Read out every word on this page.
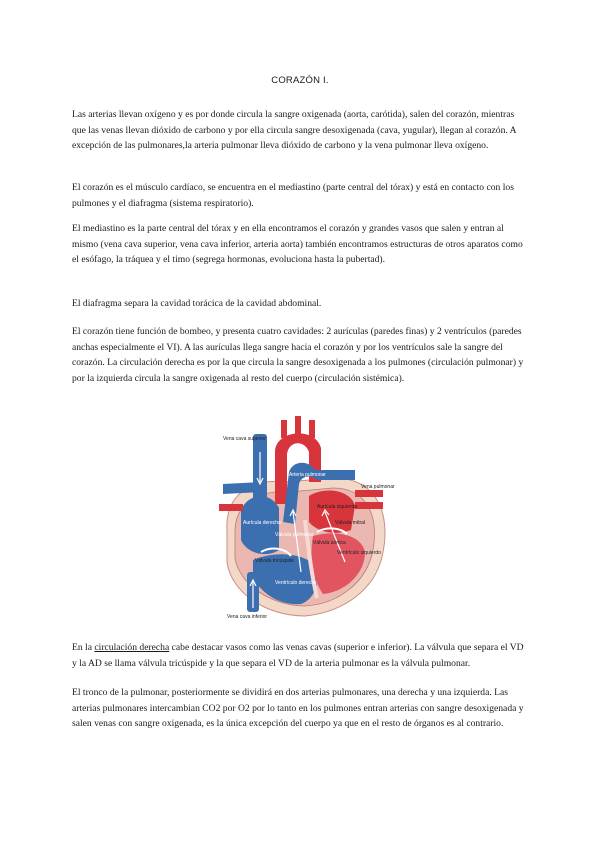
CORAZÓN I.

Las arterias llevan oxígeno y es por donde circula la sangre oxigenada (aorta, carótida), salen del corazón, mientras que las venas llevan dióxido de carbono y por ella circula sangre desoxigenada (cava, yugular), llegan al corazón. A excepción de las pulmonares,la arteria pulmonar lleva dióxido de carbono y la vena pulmonar lleva oxígeno.

El corazón es el músculo cardíaco, se encuentra en el mediastino (parte central del tórax) y está en contacto con los pulmones y el diafragma (sistema respiratorio).

El mediastino es la parte central del tórax y en ella encontramos el corazón y grandes vasos que salen y entran al mismo (vena cava superior, vena cava inferior, arteria aorta) también encontramos estructuras de otros aparatos como el esófago, la tráquea y el timo (segrega hormonas, evoluciona hasta la pubertad).

El diafragma separa la cavidad torácica de la cavidad abdominal.

El corazón tiene función de bombeo, y presenta cuatro cavidades: 2 aurículas (paredes finas) y 2 ventrículos (paredes anchas especialmente el VI). A las aurículas llega sangre hacia el corazón y por los ventrículos sale la sangre del corazón. La circulación derecha es por la que circula la sangre desoxigenada a los pulmones (circulación pulmonar) y por la izquierda circula la sangre oxigenada al resto del cuerpo (circulación sistémica).

Vena cava superior
Aorta
Arteria pulmonar
Vena pulmonar
Aurícula izquierda
Aurícula derecha	Válvula mitral
Válvula pulmonar
Válvula aórtica
Ventrículo izquierdo
Válvula tricúspide
Ventrículo derecho
Vena cava inferior

En la circulación derecha cabe destacar vasos como las venas cavas (superior e inferior). La válvula que separa el VD y la AD se llama válvula tricúspide y la que separa el VD de la arteria pulmonar es la válvula pulmonar.

El tronco de la pulmonar, posteriormente se dividirá en dos arterias pulmonares, una derecha y una izquierda. Las arterias pulmonares intercambian CO2 por O2 por lo tanto en los pulmones entran arterias con sangre desoxigenada y salen venas con sangre oxigenada, es la única excepción del cuerpo ya que en el resto de órganos es al contrario.
